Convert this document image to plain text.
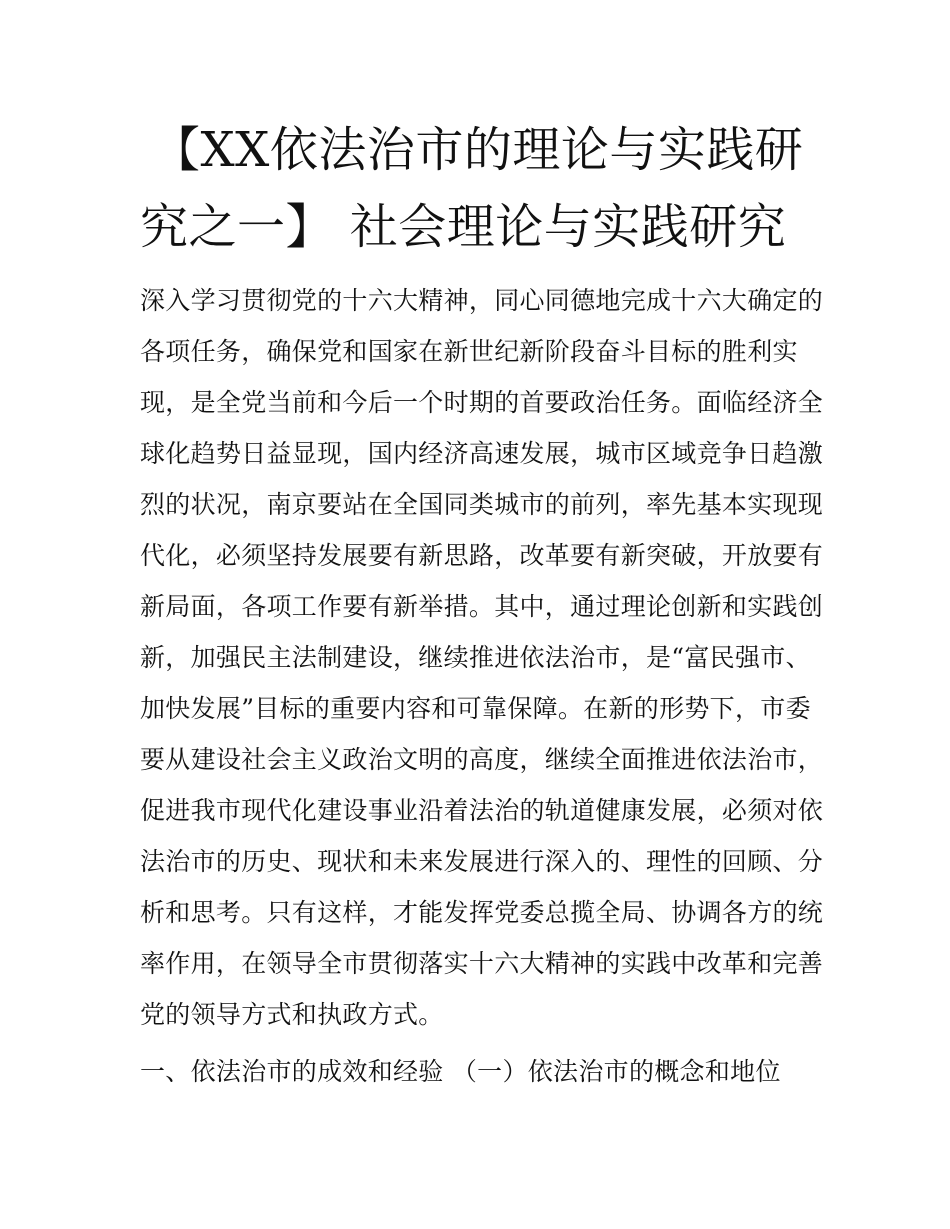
【XX依法治市的理论与实践研
究之一】 社会理论与实践研究
深入学习贯彻党的十六大精神，同心同德地完成十六大确定的
各项任务，确保党和国家在新世纪新阶段奋斗目标的胜利实
现，是全党当前和今后一个时期的首要政治任务。面临经济全
球化趋势日益显现，国内经济高速发展，城市区域竞争日趋激
烈的状况，南京要站在全国同类城市的前列，率先基本实现现
代化，必须坚持发展要有新思路，改革要有新突破，开放要有
新局面，各项工作要有新举措。其中，通过理论创新和实践创
新，加强民主法制建设，继续推进依法治市，是“富民强市、
加快发展”目标的重要内容和可靠保障。在新的形势下，市委
要从建设社会主义政治文明的高度，继续全面推进依法治市，
促进我市现代化建设事业沿着法治的轨道健康发展，必须对依
法治市的历史、现状和未来发展进行深入的、理性的回顾、分
析和思考。只有这样，才能发挥党委总揽全局、协调各方的统
率作用，在领导全市贯彻落实十六大精神的实践中改革和完善
党的领导方式和执政方式。
一、依法治市的成效和经验 （一）依法治市的概念和地位
